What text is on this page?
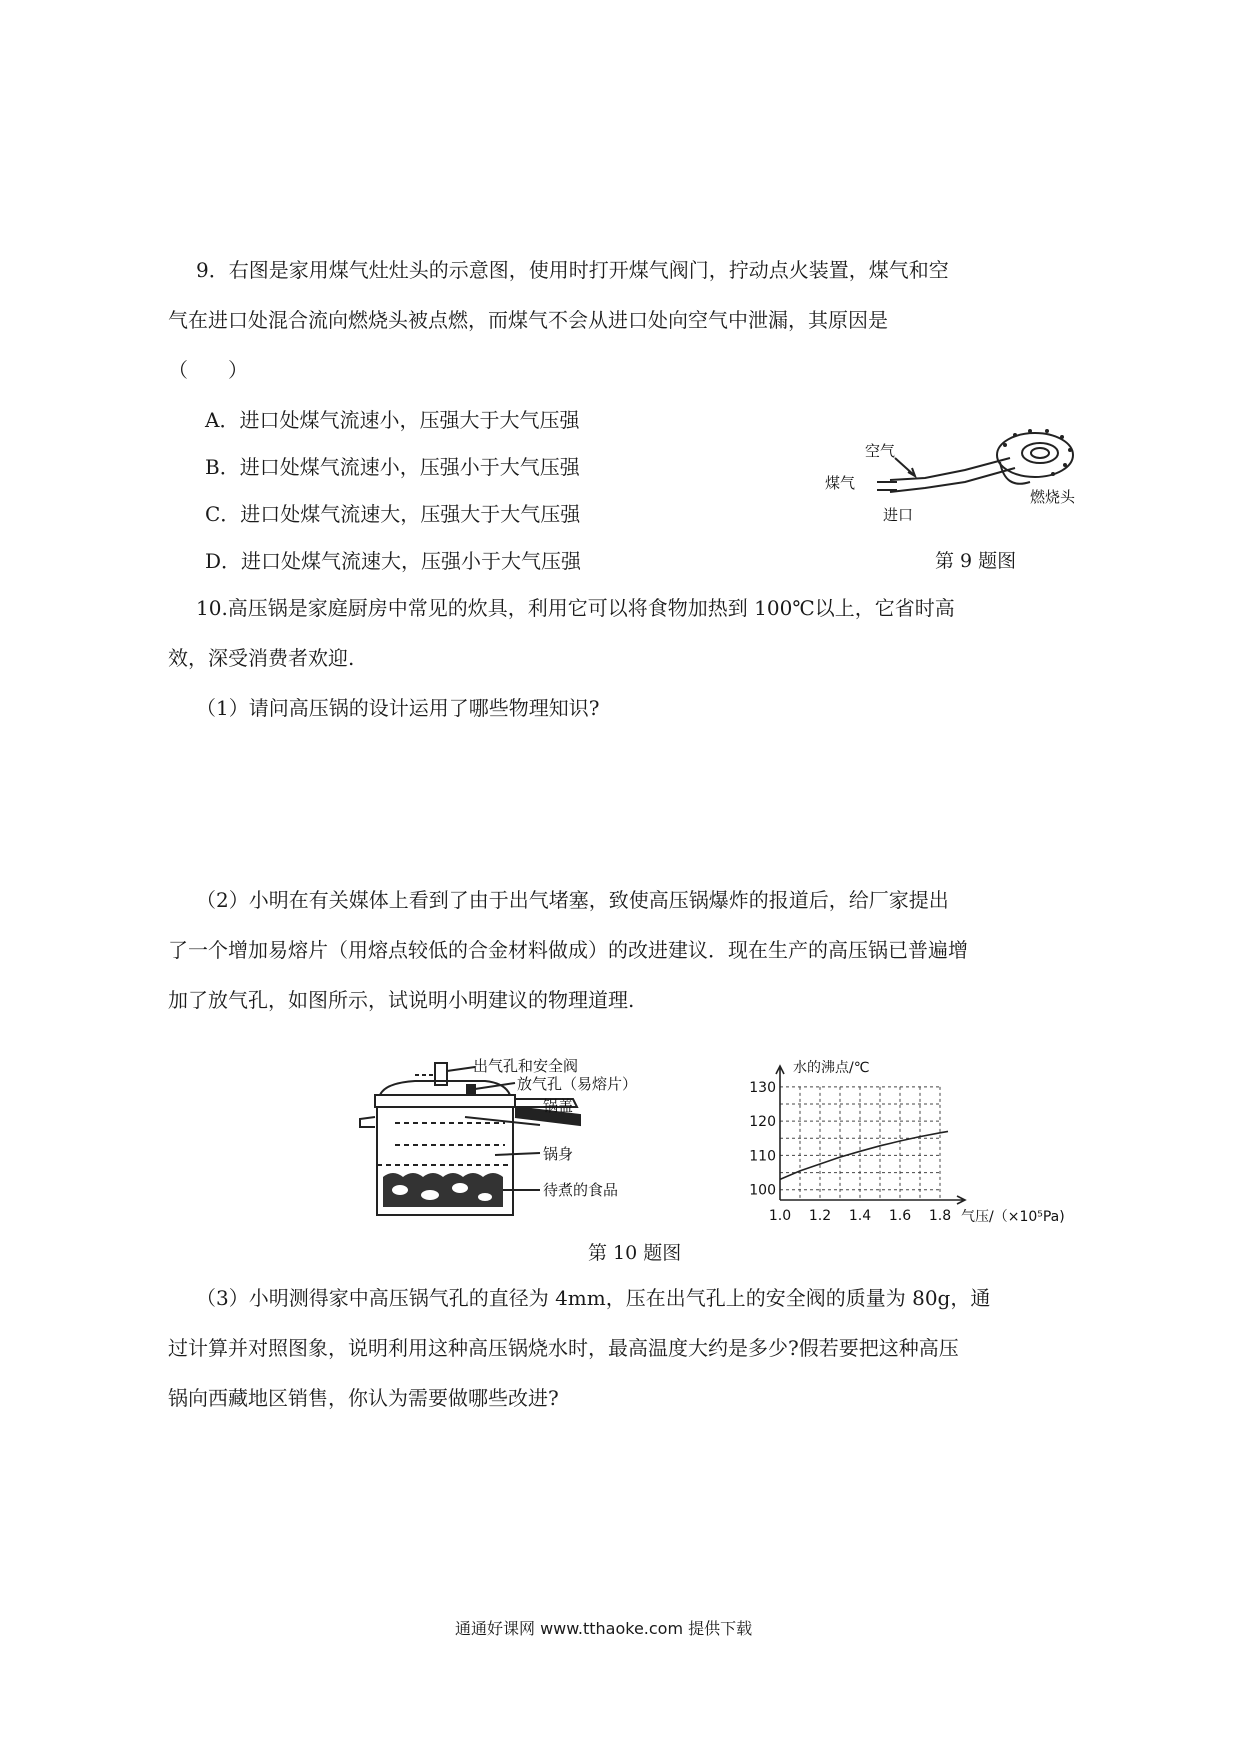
9．右图是家用煤气灶灶头的示意图，使用时打开煤气阀门，拧动点火装置，煤气和空
气在进口处混合流向燃烧头被点燃，而煤气不会从进口处向空气中泄漏，其原因是
（　　）
A．进口处煤气流速小，压强大于大气压强
B．进口处煤气流速小，压强小于大气压强
C．进口处煤气流速大，压强大于大气压强
D．进口处煤气流速大，压强小于大气压强
空气
煤气
进口
燃烧头
第 9 题图
10.高压锅是家庭厨房中常见的炊具，利用它可以将食物加热到 100℃以上，它省时高
效，深受消费者欢迎.
（1）请问高压锅的设计运用了哪些物理知识?
（2）小明在有关媒体上看到了由于出气堵塞，致使高压锅爆炸的报道后，给厂家提出
了一个增加易熔片（用熔点较低的合金材料做成）的改进建议．现在生产的高压锅已普遍增
加了放气孔，如图所示，试说明小明建议的物理道理.
出气孔和安全阀
放气孔（易熔片）
锅盖
锅身
待煮的食品
1.0 1.2 1.4 1.6 1.8
100
110
120
130
水的沸点/℃
气压/（×10⁵Pa)
第 10 题图
（3）小明测得家中高压锅气孔的直径为 4mm，压在出气孔上的安全阀的质量为 80g，通
过计算并对照图象，说明利用这种高压锅烧水时，最高温度大约是多少?假若要把这种高压
锅向西藏地区销售，你认为需要做哪些改进?
通通好课网 www.tthaoke.com 提供下载
